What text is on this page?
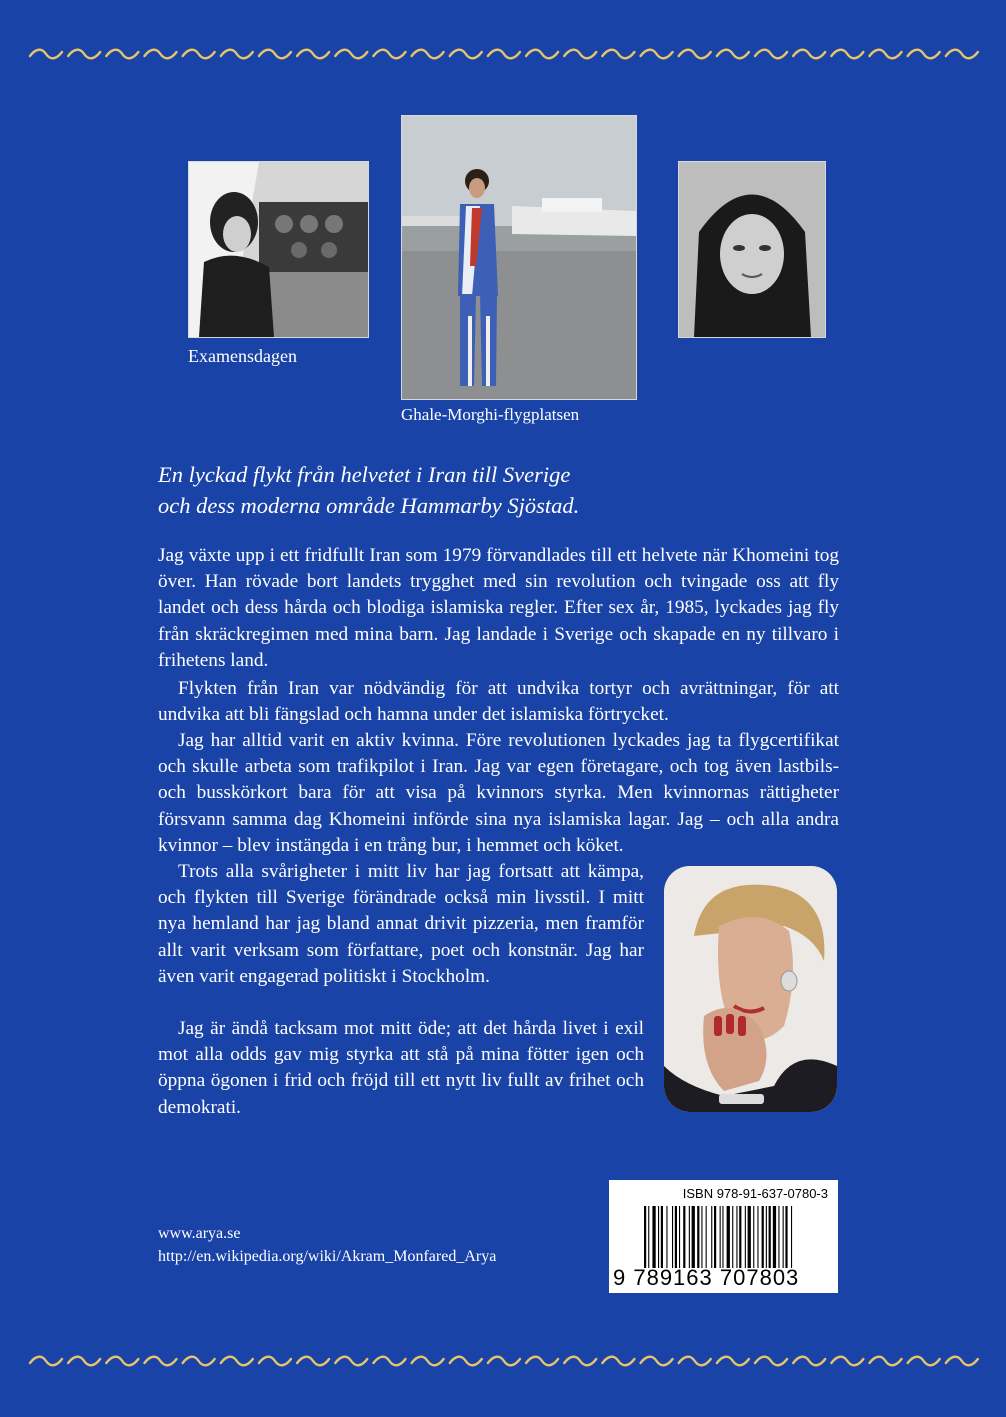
Examensdagen
Ghale-Morghi-flygplatsen
En lyckad flykt från helvetet i Iran till Sverige
och dess moderna område Hammarby Sjöstad.

Jag växte upp i ett fridfullt Iran som 1979 förvandlades till ett helvete när Khomeini tog över. Han rövade bort landets trygghet med sin revolution och tvingade oss att fly landet och dess hårda och blodiga islamiska regler. Efter sex år, 1985, lyckades jag fly från skräckregimen med mina barn. Jag landade i Sverige och skapade en ny tillvaro i frihetens land.

Flykten från Iran var nödvändig för att undvika tortyr och avrättningar, för att undvika att bli fängslad och hamna under det islamiska förtrycket.

Jag har alltid varit en aktiv kvinna. Före revolutionen lyckades jag ta flygcertifikat och skulle arbeta som trafikpilot i Iran. Jag var egen företagare, och tog även lastbils- och busskörkort bara för att visa på kvinnors styrka. Men kvinnornas rättigheter försvann samma dag Khomeini införde sina nya islamiska lagar. Jag – och alla andra kvinnor – blev instängda i en trång bur, i hemmet och köket.

Trots alla svårigheter i mitt liv har jag fortsatt att kämpa, och flykten till Sverige förändrade också min livsstil. I mitt nya hemland har jag bland annat drivit pizzeria, men framför allt varit verksam som författare, poet och konstnär. Jag har även varit engagerad politiskt i Stockholm.

Jag är ändå tacksam mot mitt öde; att det hårda livet i exil mot alla odds gav mig styrka att stå på mina fötter igen och öppna ögonen i frid och fröjd till ett nytt liv fullt av frihet och demokrati.

www.arya.se
http://en.wikipedia.org/wiki/Akram_Monfared_Arya
ISBN 978-91-637-0780-3
9 789163 707803
